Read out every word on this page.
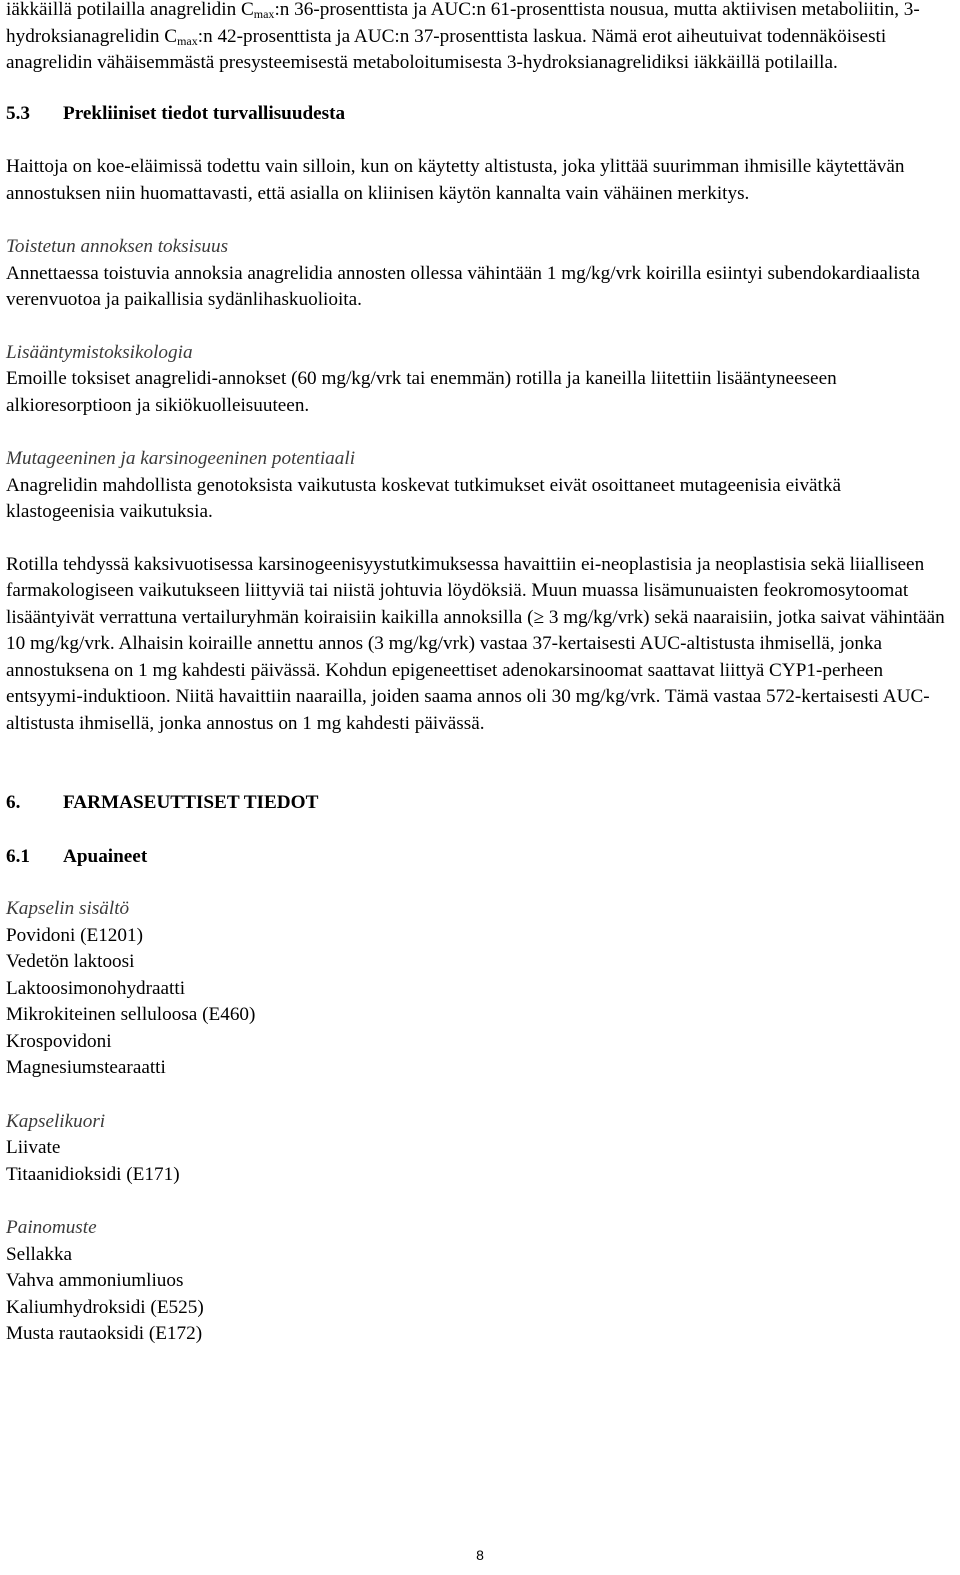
iäkkäillä potilailla anagrelidin $C_{max}:n$ 36-prosenttista ja AUC:n 61-prosenttista nousua, mutta aktiivisen metaboliitin, 3-hydroksianagrelidin $C_{max}:n$ 42-prosenttista ja AUC:n 37-prosenttista laskua. Nämä erot aiheutuivat todennäköisesti anagrelidin vähäisemmästä presysteemisestä metaboloitumisesta 3-hydroksianagrelidiksi iäkkäillä potilailla.

5.3	Prekliiniset tiedot turvallisuudesta

Haittoja on koe-eläimissä todettu vain silloin, kun on käytetty altistusta, joka ylittää suurimman ihmisille käytettävän annostuksen niin huomattavasti, että asialla on kliinisen käytön kannalta vain vähäinen merkitys.

Toistetun annoksen toksisuus

Annettaessa toistuvia annoksia anagrelidia annosten ollessa vähintään 1 mg/kg/vrk koirilla esiintyi subendokardiaalista verenvuotoa ja paikallisia sydänlihaskuolioita.

Lisääntymistoksikologia

Emoille toksiset anagrelidi-annokset (60 mg/kg/vrk tai enemmän) rotilla ja kaneilla liitettiin lisääntyneeseen alkioresorptioon ja sikiökuolleisuuteen.

Mutageeninen ja karsinogeeninen potentiaali

Anagrelidin mahdollista genotoksista vaikutusta koskevat tutkimukset eivät osoittaneet mutageenisia eivätkä klastogeenisia vaikutuksia.

Rotilla tehdyssä kaksivuotisessa karsinogeenisyystutkimuksessa havaittiin ei-neoplastisia ja neoplastisia sekä liialliseen farmakologiseen vaikutukseen liittyviä tai niistä johtuvia löydöksiä. Muun muassa lisämunuaisten feokromosytoomat lisääntyivät verrattuna vertailuryhmän koiraisiin kaikilla annoksilla (≥ 3 mg/kg/vrk) sekä naaraisiin, jotka saivat vähintään 10 mg/kg/vrk. Alhaisin koiraille annettu annos (3 mg/kg/vrk) vastaa 37-kertaisesti AUC-altistusta ihmisellä, jonka annostuksena on 1 mg kahdesti päivässä. Kohdun epigeneettiset adenokarsinoomat saattavat liittyä CYP1-perheen entsyymi-induktioon. Niitä havaittiin naarailla, joiden saama annos oli 30 mg/kg/vrk. Tämä vastaa 572-kertaisesti AUC-altistusta ihmisellä, jonka annostus on 1 mg kahdesti päivässä.

6.	FARMASEUTTISET TIEDOT
6.1	Apuaineet

Kapselin sisältö

Povidoni (E1201)
Vedetön laktoosi
Laktoosimonohydraatti
Mikrokiteinen selluloosa (E460)
Krospovidoni
Magnesiumstearaatti

Kapselikuori

Liivate
Titaanidioksidi (E171)

Painomuste

Sellakka
Vahva ammoniumliuos
Kaliumhydroksidi (E525)
Musta rautaoksidi (E172)
8
